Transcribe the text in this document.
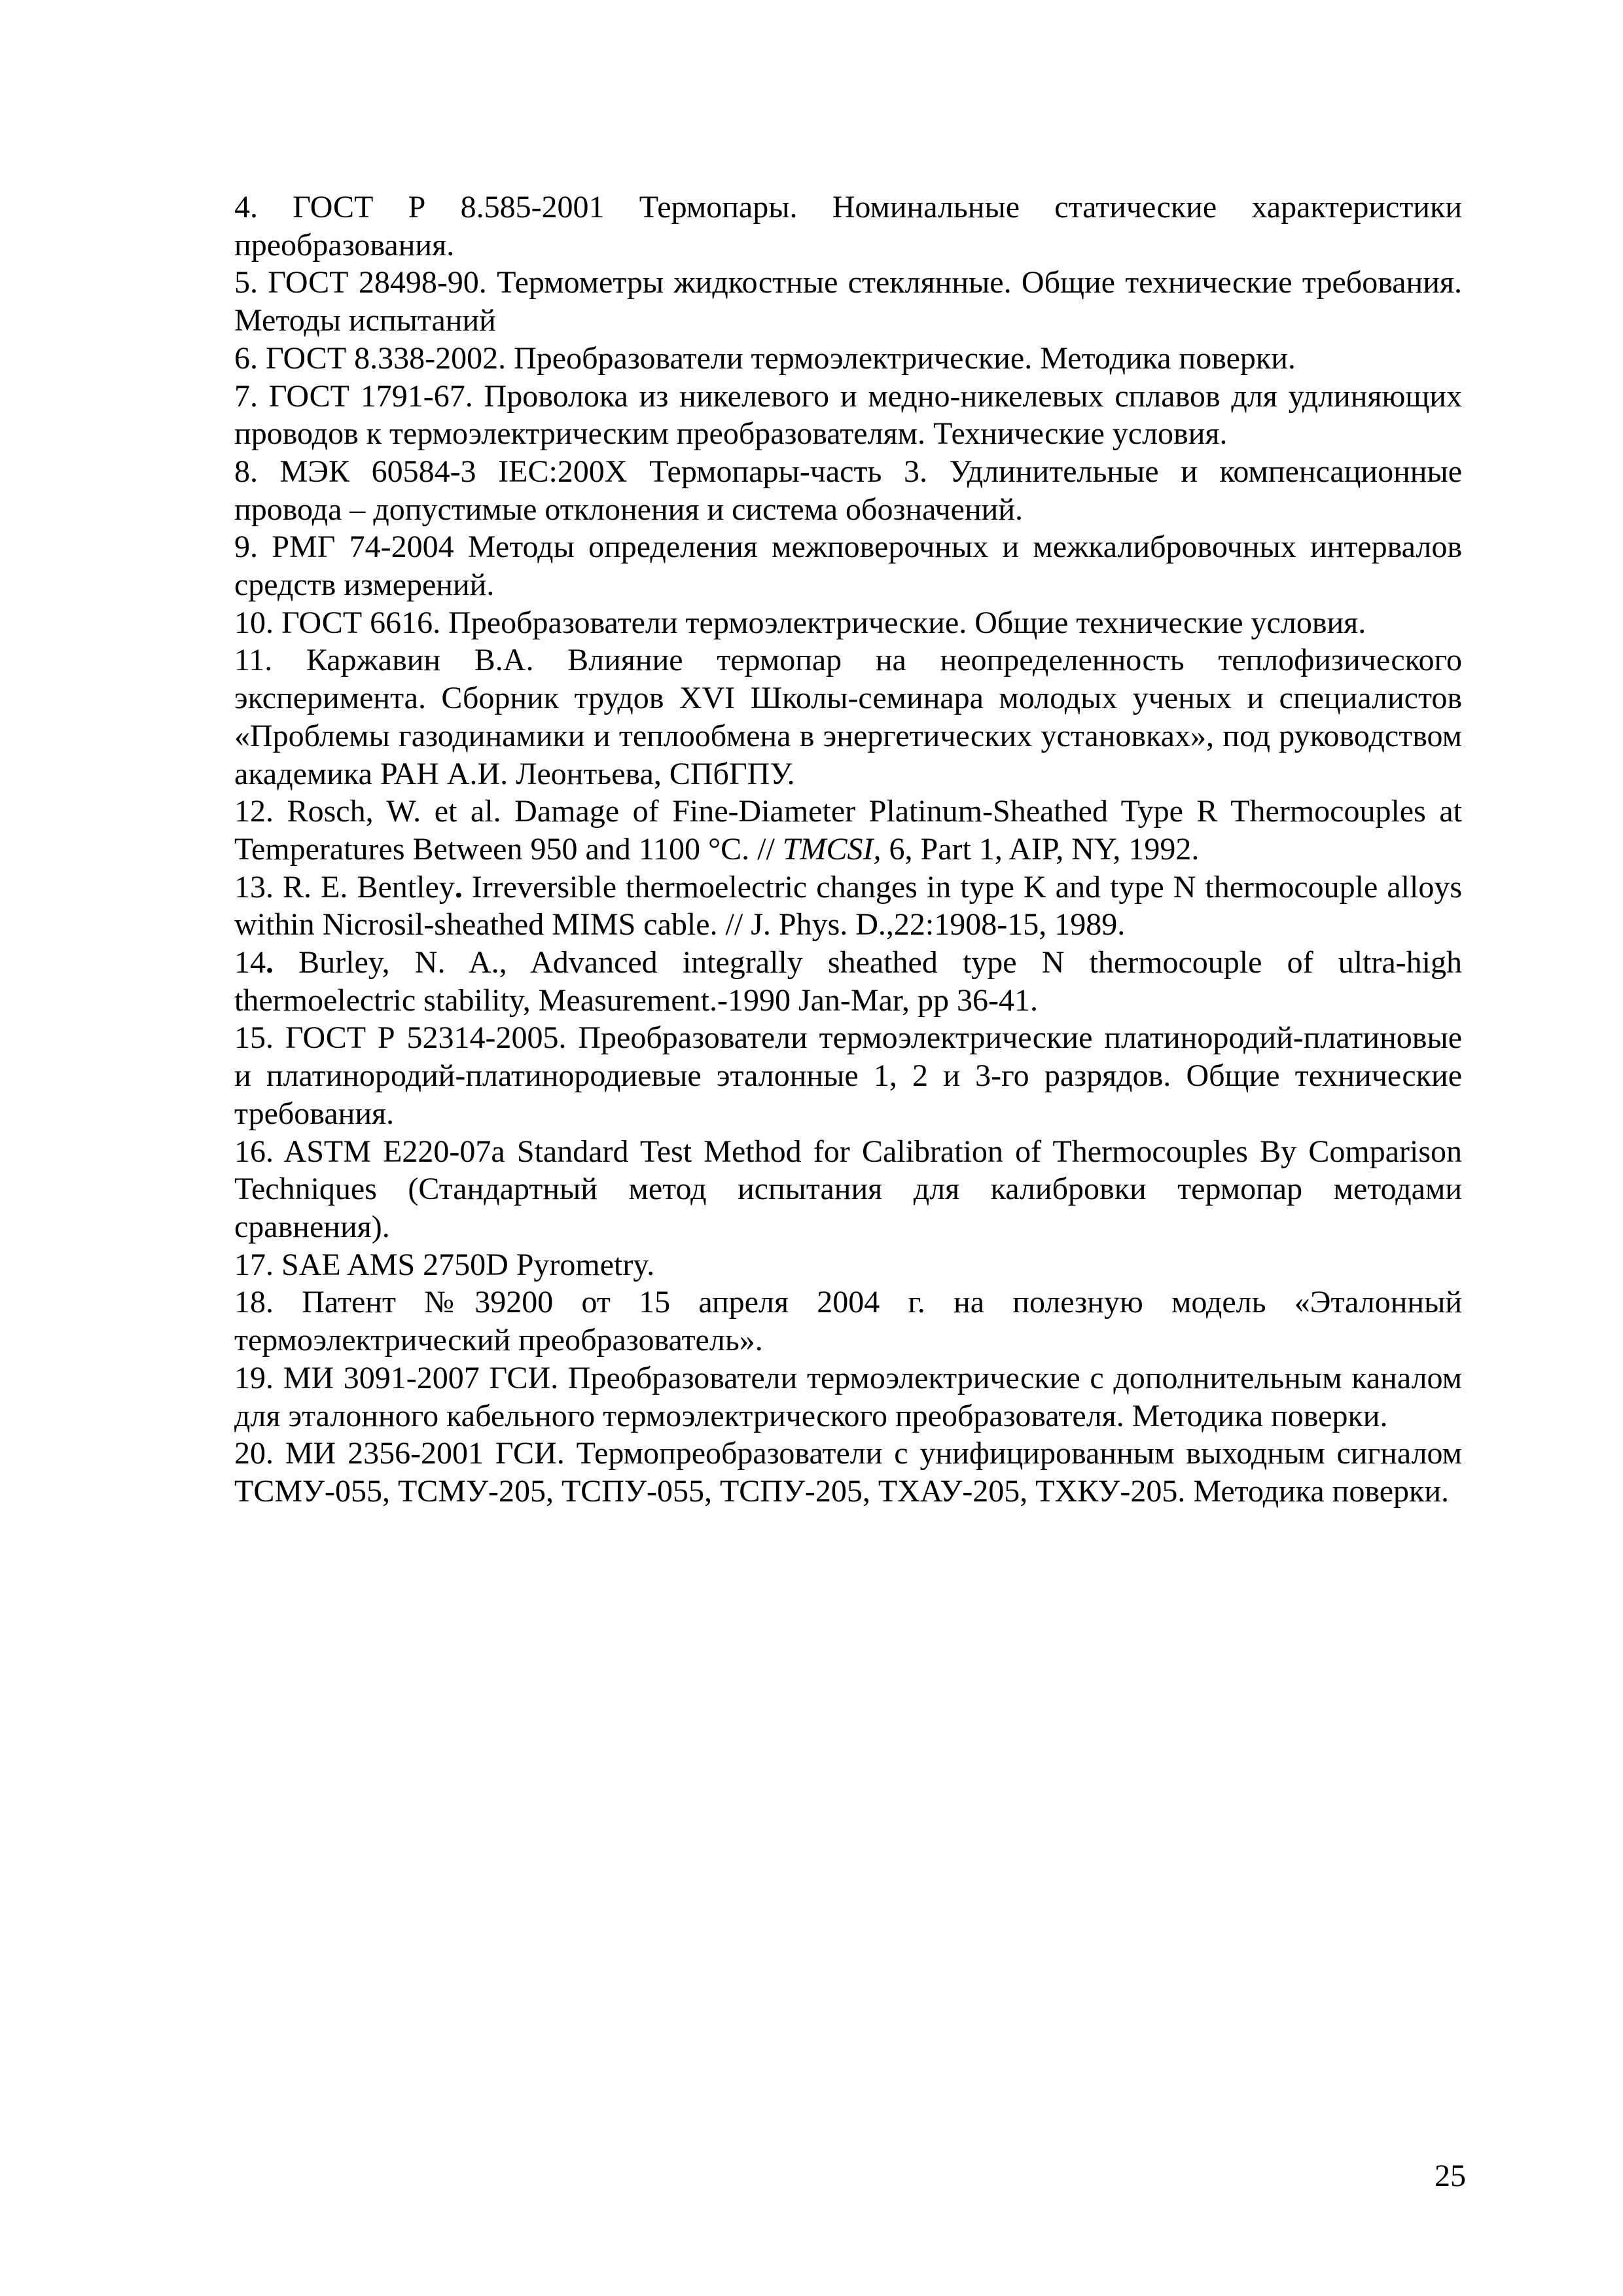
4. ГОСТ Р 8.585-2001 Термопары. Номинальные статические характеристики преобразования.

5. ГОСТ 28498-90. Термометры жидкостные стеклянные. Общие технические требования. Методы испытаний

6. ГОСТ 8.338-2002. Преобразователи термоэлектрические. Методика поверки.

7. ГОСТ 1791-67. Проволока из никелевого и медно-никелевых сплавов для удлиняющих проводов к термоэлектрическим преобразователям. Технические условия.

8. МЭК 60584-3 IEC:200X Термопары-часть 3. Удлинительные и компенсационные провода – допустимые отклонения и система обозначений.

9. РМГ 74-2004 Методы определения межповерочных и межкалибровочных интервалов средств измерений.

10. ГОСТ 6616. Преобразователи термоэлектрические. Общие технические условия.

11. Каржавин В.А. Влияние термопар на неопределенность теплофизического эксперимента. Сборник трудов XVI Школы-семинара молодых ученых и специалистов «Проблемы газодинамики и теплообмена в энергетических установках», под руководством академика РАН А.И. Леонтьева, СПбГПУ.

12. Rosch, W. et al. Damage of Fine-Diameter Platinum-Sheathed Type R Thermocouples at Temperatures Between 950 and 1100 °C. // TMCSI, 6, Part 1, AIP, NY, 1992.

13. R. E. Bentley. Irreversible thermoelectric changes in type K and type N thermocouple alloys within Nicrosil-sheathed MIMS cable. // J. Phys. D.,22:1908-15, 1989.

14. Burley, N. A., Advanced integrally sheathed type N thermocouple of ultra-high thermoelectric stability, Measurement.-1990 Jan-Mar, pp 36-41.

15. ГОСТ Р 52314-2005. Преобразователи термоэлектрические платинородий-платиновые и платинородий-платинородиевые эталонные 1, 2 и 3-го разрядов. Общие технические требования.

16. ASTM E220-07a Standard Test Method for Calibration of Thermocouples By Comparison Techniques (Стандартный метод испытания для калибровки термопар методами сравнения).

17. SAE AMS 2750D Pyrometry.

18. Патент №39200 от 15 апреля 2004 г. на полезную модель «Эталонный термоэлектрический преобразователь».

19. МИ 3091-2007 ГСИ. Преобразователи термоэлектрические с дополнительным каналом для эталонного кабельного термоэлектрического преобразователя. Методика поверки.

20. МИ 2356-2001 ГСИ. Термопреобразователи с унифицированным выходным сигналом ТСМУ-055, ТСМУ-205, ТСПУ-055, ТСПУ-205, ТХАУ-205, ТХКУ-205. Методика поверки.

25
